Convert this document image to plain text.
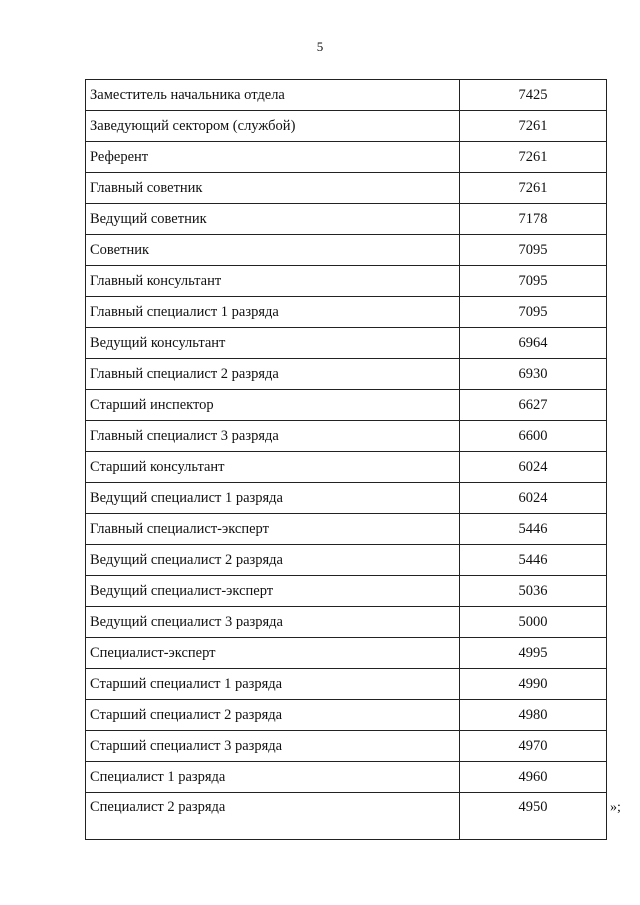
5
Заместитель начальника отдела	7425
Заведующий сектором (службой)	7261
Референт	7261
Главный советник	7261
Ведущий советник	7178
Советник	7095
Главный консультант	7095
Главный специалист 1 разряда	7095
Ведущий консультант	6964
Главный специалист 2 разряда	6930
Старший инспектор	6627
Главный специалист 3 разряда	6600
Старший консультант	6024
Ведущий специалист 1 разряда	6024
Главный специалист-эксперт	5446
Ведущий специалист 2 разряда	5446
Ведущий специалист-эксперт	5036
Ведущий специалист 3 разряда	5000
Специалист-эксперт	4995
Старший специалист 1 разряда	4990
Старший специалист 2 разряда	4980
Старший специалист 3 разряда	4970
Специалист 1 разряда	4960
Специалист 2 разряда	4950	»;
